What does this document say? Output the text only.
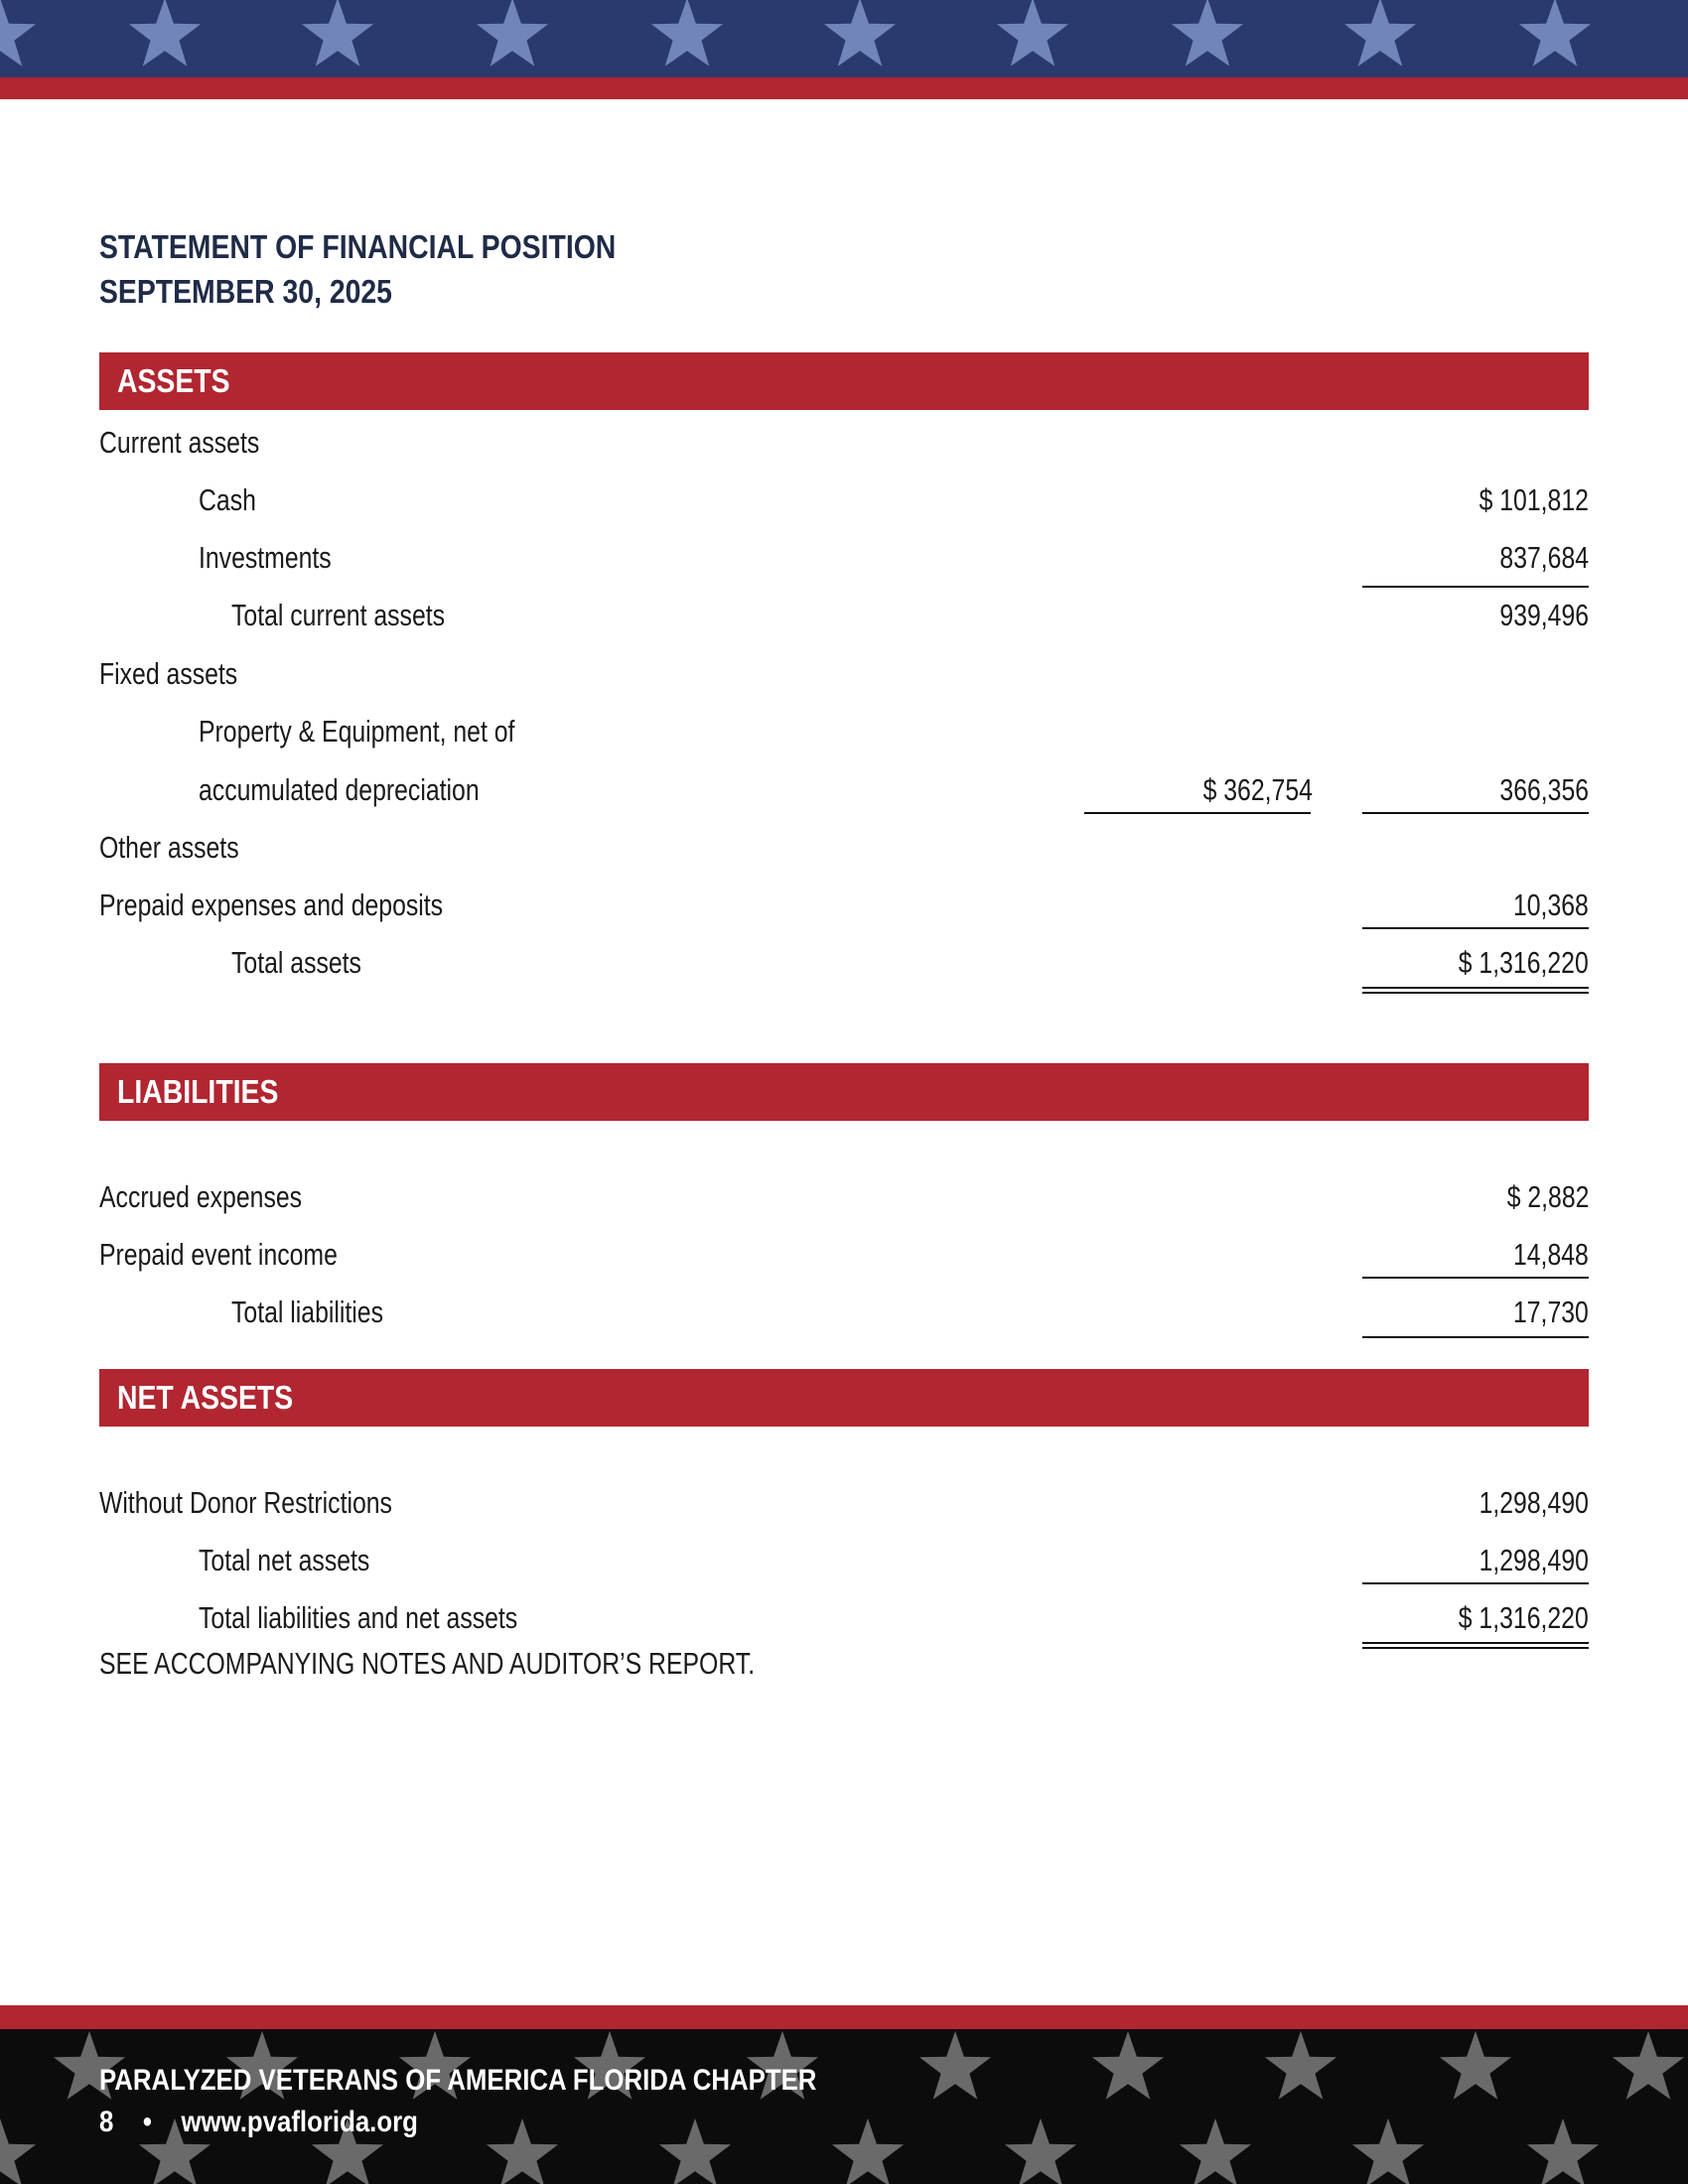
STATEMENT OF FINANCIAL POSITION
SEPTEMBER 30, 2025
ASSETS
Current assets
Cash	$ 101,812
Investments	837,684
Total current assets	939,496
Fixed assets
Property & Equipment, net of
accumulated depreciation	$ 362,754	366,356
Other assets
Prepaid expenses and deposits	10,368
Total assets	$ 1,316,220
LIABILITIES
Accrued expenses	$ 2,882
Prepaid event income	14,848
Total liabilities	17,730
NET ASSETS
Without Donor Restrictions	1,298,490
Total net assets	1,298,490
Total liabilities and net assets	$ 1,316,220
SEE ACCOMPANYING NOTES AND AUDITOR’S REPORT.
PARALYZED VETERANS OF AMERICA FLORIDA CHAPTER
8 • www.pvaflorida.org
